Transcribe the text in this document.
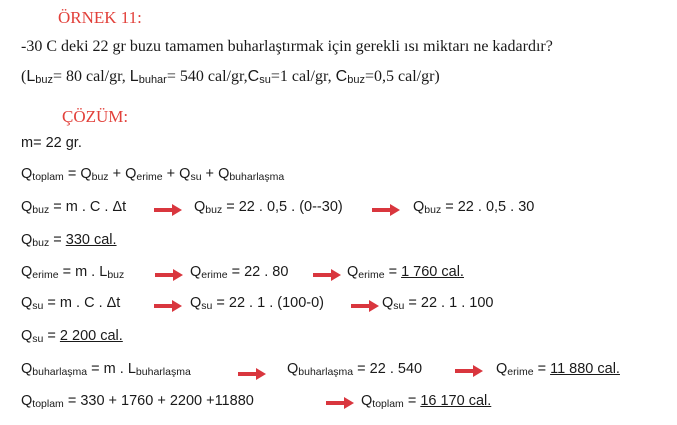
ÖRNEK 11:
-30 C deki 22 gr buzu tamamen buharlaştırmak için gerekli ısı miktarı ne kadardır?
($L_{buz}= 80$ cal/gr, $L_{buhar}= 540$ cal/$gr,C_{su}=1$ cal/gr, $C_{buz}=0,5$ cal/gr)
ÇÖZÜM:
m= 22 gr.
$Q_{toplam} = Q_{buz} + Q_{erime} + Q_{su} + Q_{buharlaşma}$
$Q_{buz} = m$ . C . Δt	$Q_{buz} = 22$ . 0,5 . (0--30)	$Q_{buz} = 22$ . 0,5 . 30
$Q_{buz} = 330$ cal.
$Q_{erime} = m$ . $L_{buz}$	$Q_{erime} = 22$ . 80	$Q_{erime} = 1$ 760 cal.
$Q_{su} = m$ . C . Δt	$Q_{su} = 22$ . 1 . (100-0)	$Q_{su} = 22$ . 1 . 100
$Q_{su} = 2$ 200 cal.
$Q_{buharlaşma} = m$ . $L_{buharlaşma}$	$Q_{buharlaşma} = 22$ . 540	$Q_{erime} = 11$ 880 cal.
$Q_{toplam} = 330 + 1760 + 2200 +11880$	$Q_{toplam} = 16$ 170 cal.
